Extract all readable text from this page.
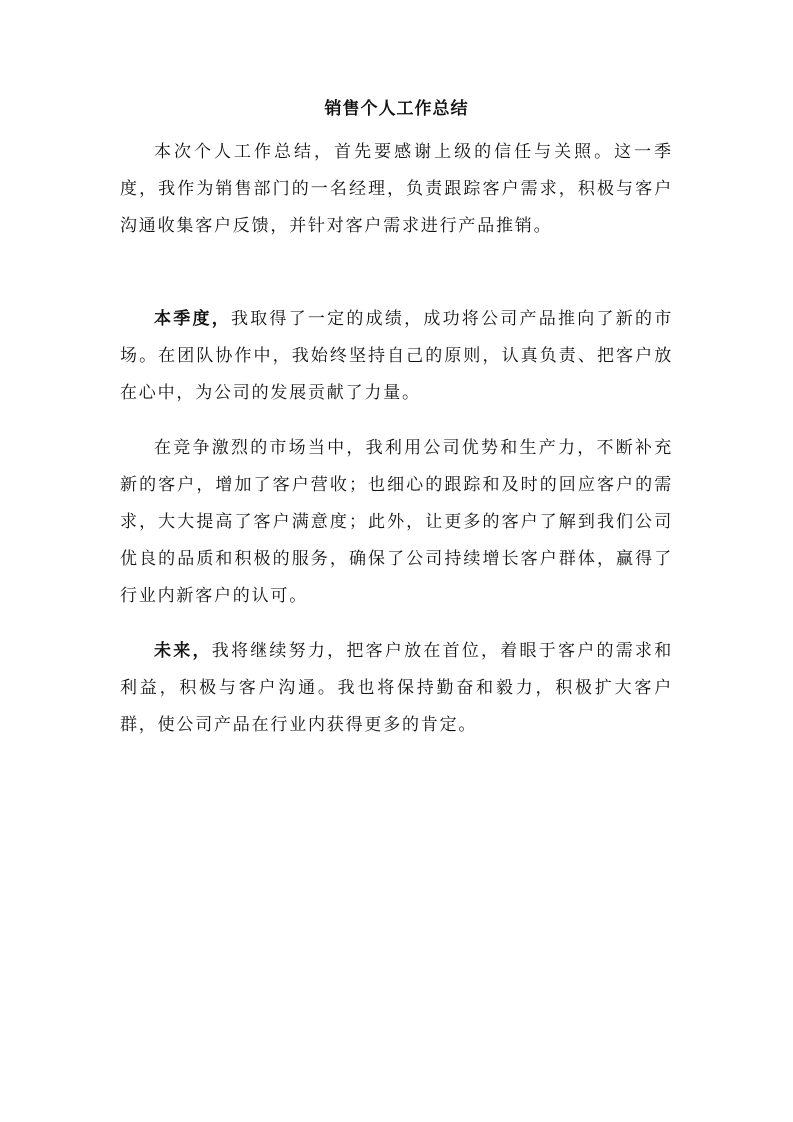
销售个人工作总结

本次个人工作总结，首先要感谢上级的信任与关照。这一季度，我作为销售部门的一名经理，负责跟踪客户需求，积极与客户沟通收集客户反馈，并针对客户需求进行产品推销。

本季度，我取得了一定的成绩，成功将公司产品推向了新的市场。在团队协作中，我始终坚持自己的原则，认真负责、把客户放在心中，为公司的发展贡献了力量。

在竞争激烈的市场当中，我利用公司优势和生产力，不断补充新的客户，增加了客户营收；也细心的跟踪和及时的回应客户的需求，大大提高了客户满意度；此外，让更多的客户了解到我们公司优良的品质和积极的服务，确保了公司持续增长客户群体，赢得了行业内新客户的认可。

未来，我将继续努力，把客户放在首位，着眼于客户的需求和利益，积极与客户沟通。我也将保持勤奋和毅力，积极扩大客户群，使公司产品在行业内获得更多的肯定。
